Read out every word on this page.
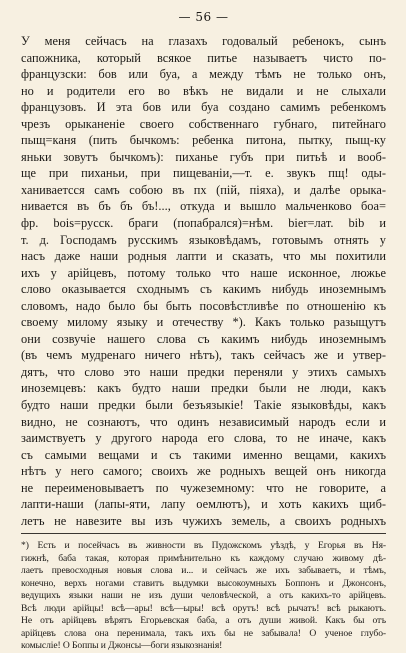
— 56 —
У меня сейчасъ на глазахъ годовалый ребенокъ, сынъ
сапожника, который всякое питье называетъ чисто по-
французски: бов или буа, а между тѣмъ не только онъ,
но и родители его во вѣкъ не видали и не слыхали
французовъ. И эта бов или буа создано самимъ ребенкомъ
чрезъ орыканеніе своего собственнаго губнаго, питейнаго
пыщ=каня (пить бычкомъ: ребенка питона, пытку, пыщ-ку
яньки зовутъ бычкомъ): пиханье губъ при питьѣ и вооб-
ще при пиханьи, при пищеваніи,—т. е. звукъ пщ! оды-
ханиваетсся самъ собою въ пх (пій, пiяха), и далѣе орыка-
нивается въ бъ бъ бъ!..., откуда и вышло мальченково боа=
фр. bois=русск. браги (попабрался)=нѣм. bier=лат. bib и
т. д. Господамъ русскимъ языковѣдамъ, готовымъ отнять у
насъ даже наши родныя лапти и сказать, что мы похитили
ихъ у арійцевъ, потому только что наше исконное, люжье
слово оказывается сходнымъ съ какимъ нибудь иноземнымъ
словомъ, надо было бы быть посовѣстливѣе по отношенію къ
своему милому языку и отечеству *). Какъ только разыщутъ
они созвучіе нашего слова съ какимъ нибудь иноземнымъ
(въ чемъ мудренаго ничего нѣтъ), такъ сейчасъ же и утвер-
дятъ, что слово это наши предки переняли у этихъ самыхъ
иноземцевъ: какъ будто наши предки были не люди, какъ
будто наши предки были безъязыкіе! Такіе языковѣды, какъ
видно, не сознаютъ, что одинъ независимый народъ если и
заимствуетъ у другого народа его слова, то не иначе, какъ
съ самыми вещами и съ такими именно вещами, какихъ
нѣтъ у него самого; своихъ же родныхъ вещей онъ никогда
не переименовываетъ по чужеземному: что не говорите, а
лапти-наши (лапы-яти, лапу оемлютъ), и хоть какихъ щиб-
летъ не навезите вы изъ чужихъ земель, а своихъ родныхъ
*) Есть и посейчасъ въ живности въ Пудожскомъ уѣздѣ, у Егорья въ Ня-
гижнѣ, баба такая, которая примѣнительно къ каждому случаю живому дѣ-
лаетъ превосходныя новыя слова и... и сейчасъ же ихъ забываетъ, и тѣмъ,
конечно, верхъ ногами ставитъ выдумки высокоумныхъ Боппонъ и Джонсонъ,
ведущихъ языки наши не изъ души человѣческой, а отъ какихъ-то арійцевъ.
Всѣ люди арійцы! всѣ—ары! всѣ—ыры! всѣ орутъ! всѣ рычатъ! всѣ рыкаютъ.
Не отъ арійцевъ вѣрятъ Егорьевская баба, а отъ души живой. Какъ бы отъ
арійцевъ слова она перенимала, такъ ихъ бы не забывала! О ученое глубо-
комысліе! О Боппы и Джонсы—боги языкознанія!
